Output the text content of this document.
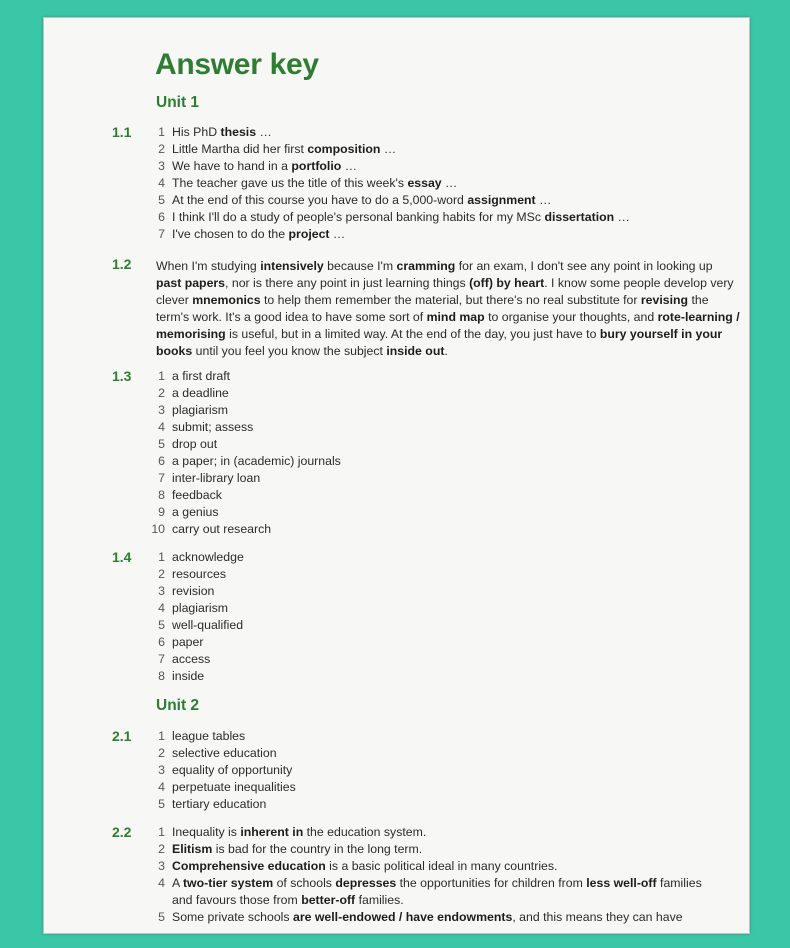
Answer key
Unit 1
1.1	1 His PhD thesis …
2 Little Martha did her first composition …
3 We have to hand in a portfolio …
4 The teacher gave us the title of this week's essay …
5 At the end of this course you have to do a 5,000-word assignment …
6 I think I'll do a study of people's personal banking habits for my MSc dissertation …
7 I've chosen to do the project …
1.2 When I'm studying intensively because I'm cramming for an exam, I don't see any point in looking up past papers, nor is there any point in just learning things (off) by heart. I know some people develop very clever mnemonics to help them remember the material, but there's no real substitute for revising the term's work. It's a good idea to have some sort of mind map to organise your thoughts, and rote-learning / memorising is useful, but in a limited way. At the end of the day, you just have to bury yourself in your books until you feel you know the subject inside out.

1.3	1 a first draft
2 a deadline
3 plagiarism
4 submit; assess
5 drop out
6 a paper; in (academic) journals
7 inter-library loan
8 feedback
9 a genius
10 carry out research
1.4	1 acknowledge
2 resources
3 revision
4 plagiarism
5 well-qualified
6 paper
7 access
8 inside
Unit 2
2.1	1 league tables
2 selective education
3 equality of opportunity
4 perpetuate inequalities
5 tertiary education
2.2	1 Inequality is inherent in the education system.
2 Elitism is bad for the country in the long term.
3 Comprehensive education is a basic political ideal in many countries.
4 A two-tier system of schools depresses the opportunities for children from less well-off families
and favours those from better-off families.
5 Some private schools are well-endowed / have endowments, and this means they can have
